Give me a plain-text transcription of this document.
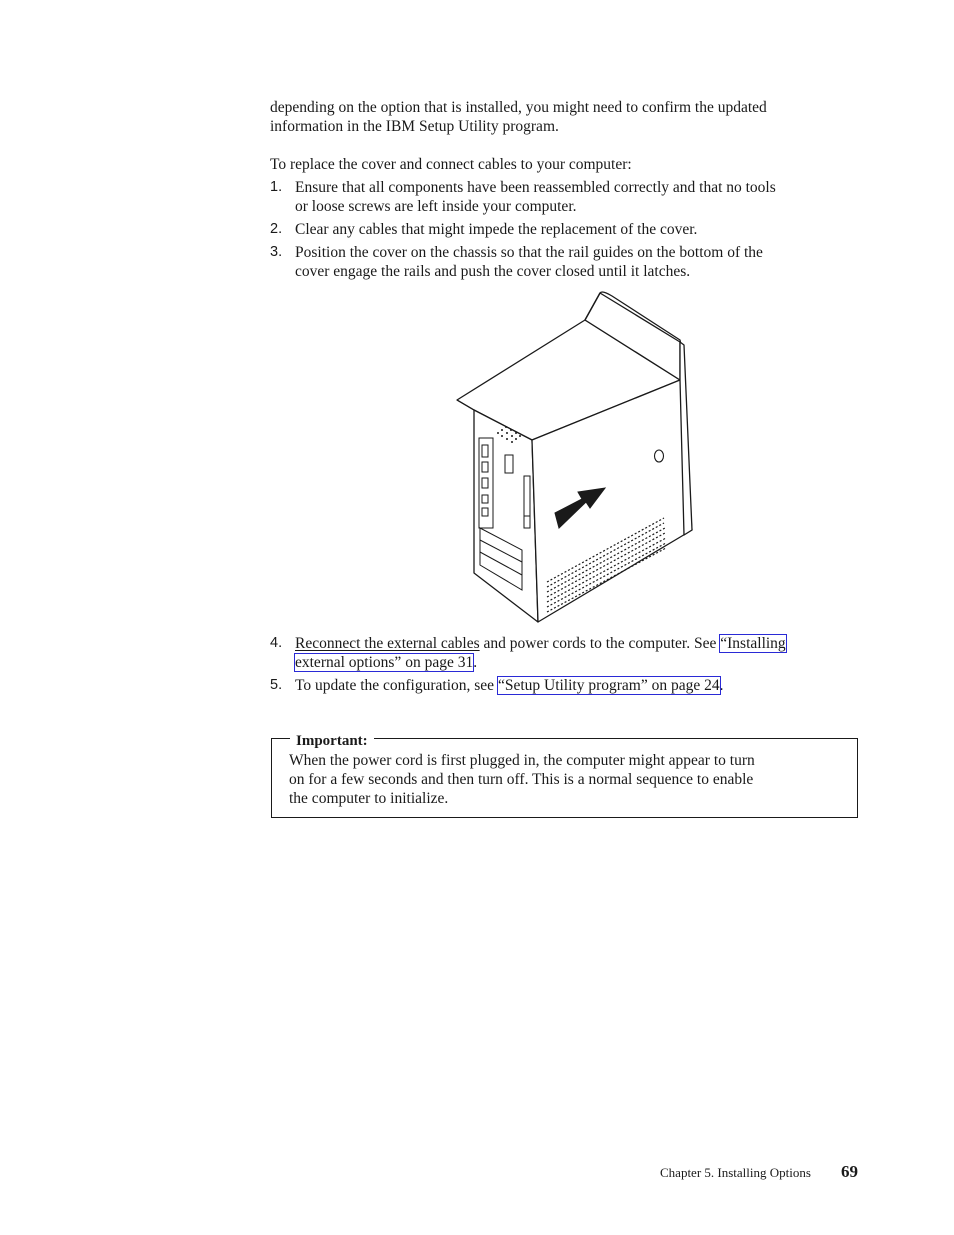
depending on the option that is installed, you might need to confirm the updated

information in the IBM Setup Utility program.

To replace the cover and connect cables to your computer:

1. Ensure that all components have been reassembled correctly and that no tools
or loose screws are left inside your computer.
2. Clear any cables that might impede the replacement of the cover.
3. Position the cover on the chassis so that the rail guides on the bottom of the
cover engage the rails and push the cover closed until it latches.
4. Reconnect the external cables and power cords to the computer. See “Installing
external options” on page 31.
5. To update the configuration, see “Setup Utility program” on page 24.
Important:
When the power cord is first plugged in, the computer might appear to turn
on for a few seconds and then turn off. This is a normal sequence to enable
the computer to initialize.
Chapter 5. Installing Options 69
